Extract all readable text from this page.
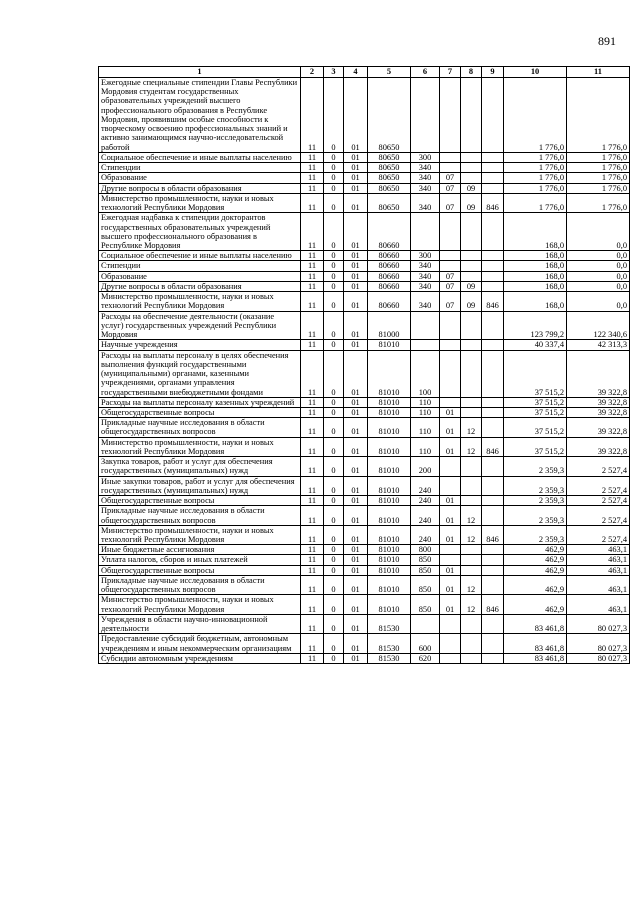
891
1	2	3	4	5	6	7	8	9	10	11
Ежегодные специальные стипендии Главы Республики Мордовия студентам государственных образовательных учреждений высшего профессионального образования в Республике Мордовия, проявившим особые способности к творческому освоению профессиональных знаний и активно занимающимся научно-исследовательской работой	11	0	01	80650					1 776,0	1 776,0
Социальное обеспечение и иные выплаты населению	11	0	01	80650	300				1 776,0	1 776,0
Стипендии	11	0	01	80650	340				1 776,0	1 776,0
Образование	11	0	01	80650	340	07			1 776,0	1 776,0
Другие вопросы в области образования	11	0	01	80650	340	07	09		1 776,0	1 776,0
Министерство промышленности, науки и новых технологий Республики Мордовия	11	0	01	80650	340	07	09	846	1 776,0	1 776,0
Ежегодная надбавка к стипендии докторантов государственных образовательных учреждений высшего профессионального образования в Республике Мордовия	11	0	01	80660					168,0	0,0
Социальное обеспечение и иные выплаты населению	11	0	01	80660	300				168,0	0,0
Стипендии	11	0	01	80660	340				168,0	0,0
Образование	11	0	01	80660	340	07			168,0	0,0
Другие вопросы в области образования	11	0	01	80660	340	07	09		168,0	0,0
Министерство промышленности, науки и новых технологий Республики Мордовия	11	0	01	80660	340	07	09	846	168,0	0,0
Расходы на обеспечение деятельности (оказание услуг) государственных учреждений Республики Мордовия	11	0	01	81000					123 799,2	122 340,6
Научные учреждения	11	0	01	81010					40 337,4	42 313,3
Расходы на выплаты персоналу в целях обеспечения выполнения функций государственными (муниципальными) органами, казенными учреждениями, органами управления государственными внебюджетными фондами	11	0	01	81010	100				37 515,2	39 322,8
Расходы на выплаты персоналу казенных учреждений	11	0	01	81010	110				37 515,2	39 322,8
Общегосударственные вопросы	11	0	01	81010	110	01			37 515,2	39 322,8
Прикладные научные исследования в области общегосударственных вопросов	11	0	01	81010	110	01	12		37 515,2	39 322,8
Министерство промышленности, науки и новых технологий Республики Мордовия	11	0	01	81010	110	01	12	846	37 515,2	39 322,8
Закупка товаров, работ и услуг для обеспечения государственных (муниципальных) нужд	11	0	01	81010	200				2 359,3	2 527,4
Иные закупки товаров, работ и услуг для обеспечения государственных (муниципальных) нужд	11	0	01	81010	240				2 359,3	2 527,4
Общегосударственные вопросы	11	0	01	81010	240	01			2 359,3	2 527,4
Прикладные научные исследования в области общегосударственных вопросов	11	0	01	81010	240	01	12		2 359,3	2 527,4
Министерство промышленности, науки и новых технологий Республики Мордовия	11	0	01	81010	240	01	12	846	2 359,3	2 527,4
Иные бюджетные ассигнования	11	0	01	81010	800				462,9	463,1
Уплата налогов, сборов и иных платежей	11	0	01	81010	850				462,9	463,1
Общегосударственные вопросы	11	0	01	81010	850	01			462,9	463,1
Прикладные научные исследования в области общегосударственных вопросов	11	0	01	81010	850	01	12		462,9	463,1
Министерство промышленности, науки и новых технологий Республики Мордовия	11	0	01	81010	850	01	12	846	462,9	463,1
Учреждения в области научно-инновационной деятельности	11	0	01	81530					83 461,8	80 027,3
Предоставление субсидий бюджетным, автономным учреждениям и иным некоммерческим организациям	11	0	01	81530	600				83 461,8	80 027,3
Субсидии автономным учреждениям	11	0	01	81530	620				83 461,8	80 027,3
